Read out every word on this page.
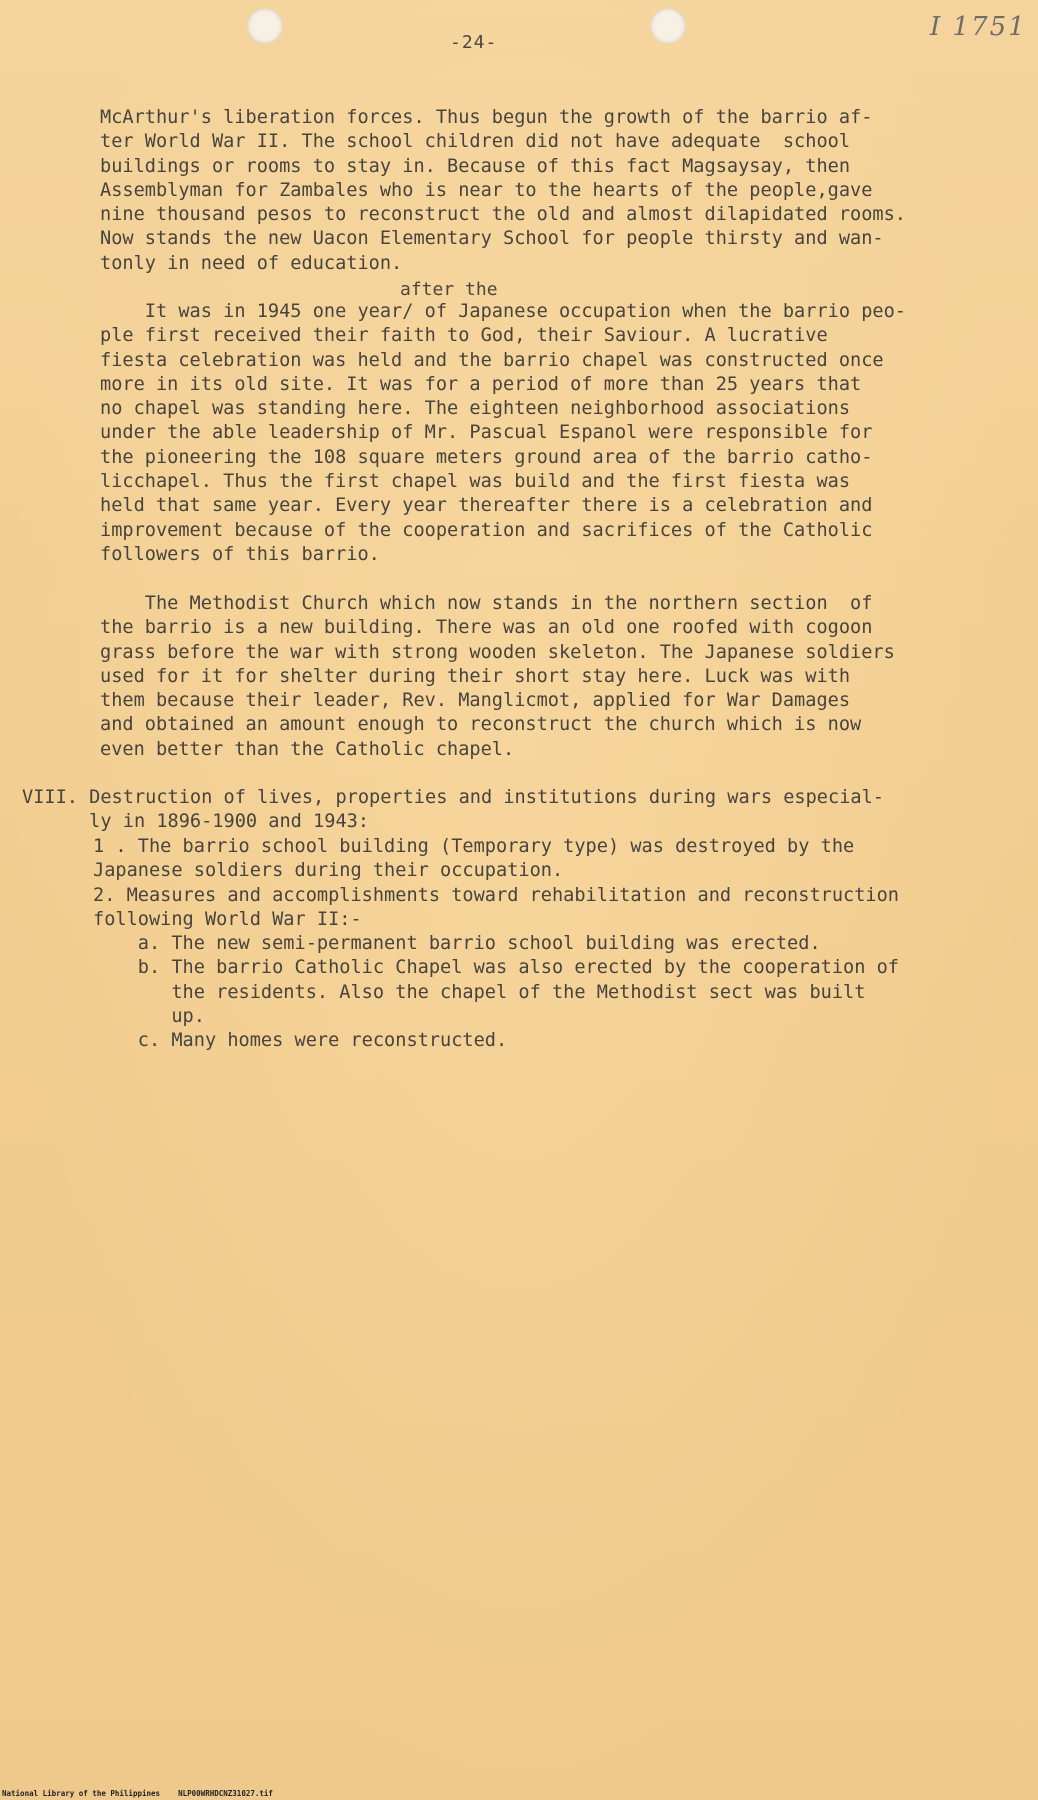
-24-
I 1751
McArthur's liberation forces. Thus begun the growth of the barrio af-
ter World War II. The school children did not have adequate  school
buildings or rooms to stay in. Because of this fact Magsaysay, then
Assemblyman for Zambales who is near to the hearts of the people,gave
nine thousand pesos to reconstruct the old and almost dilapidated rooms.
Now stands the new Uacon Elementary School for people thirsty and wan-
tonly in need of education.
after the
It was in 1945 one year/ of Japanese occupation when the barrio peo-
ple first received their faith to God, their Saviour. A lucrative
fiesta celebration was held and the barrio chapel was constructed once
more in its old site. It was for a period of more than 25 years that
no chapel was standing here. The eighteen neighborhood associations
under the able leadership of Mr. Pascual Espanol were responsible for
the pioneering the 108 square meters ground area of the barrio catho-
licchapel. Thus the first chapel was build and the first fiesta was
held that same year. Every year thereafter there is a celebration and
improvement because of the cooperation and sacrifices of the Catholic
followers of this barrio.
The Methodist Church which now stands in the northern section  of
the barrio is a new building. There was an old one roofed with cogoon
grass before the war with strong wooden skeleton. The Japanese soldiers
used for it for shelter during their short stay here. Luck was with
them because their leader, Rev. Manglicmot, applied for War Damages
and obtained an amount enough to reconstruct the church which is now
even better than the Catholic chapel.
VIII. Destruction of lives, properties and institutions during wars especial-
ly in 1896-1900 and 1943:
1 . The barrio school building (Temporary type) was destroyed by the
Japanese soldiers during their occupation.
2. Measures and accomplishments toward rehabilitation and reconstruction
following World War II:-
a. The new semi-permanent barrio school building was erected.
b. The barrio Catholic Chapel was also erected by the cooperation of
the residents. Also the chapel of the Methodist sect was built
up.
c. Many homes were reconstructed.
National Library of the Philippines    NLP00WRHDCNZ31027.tif
